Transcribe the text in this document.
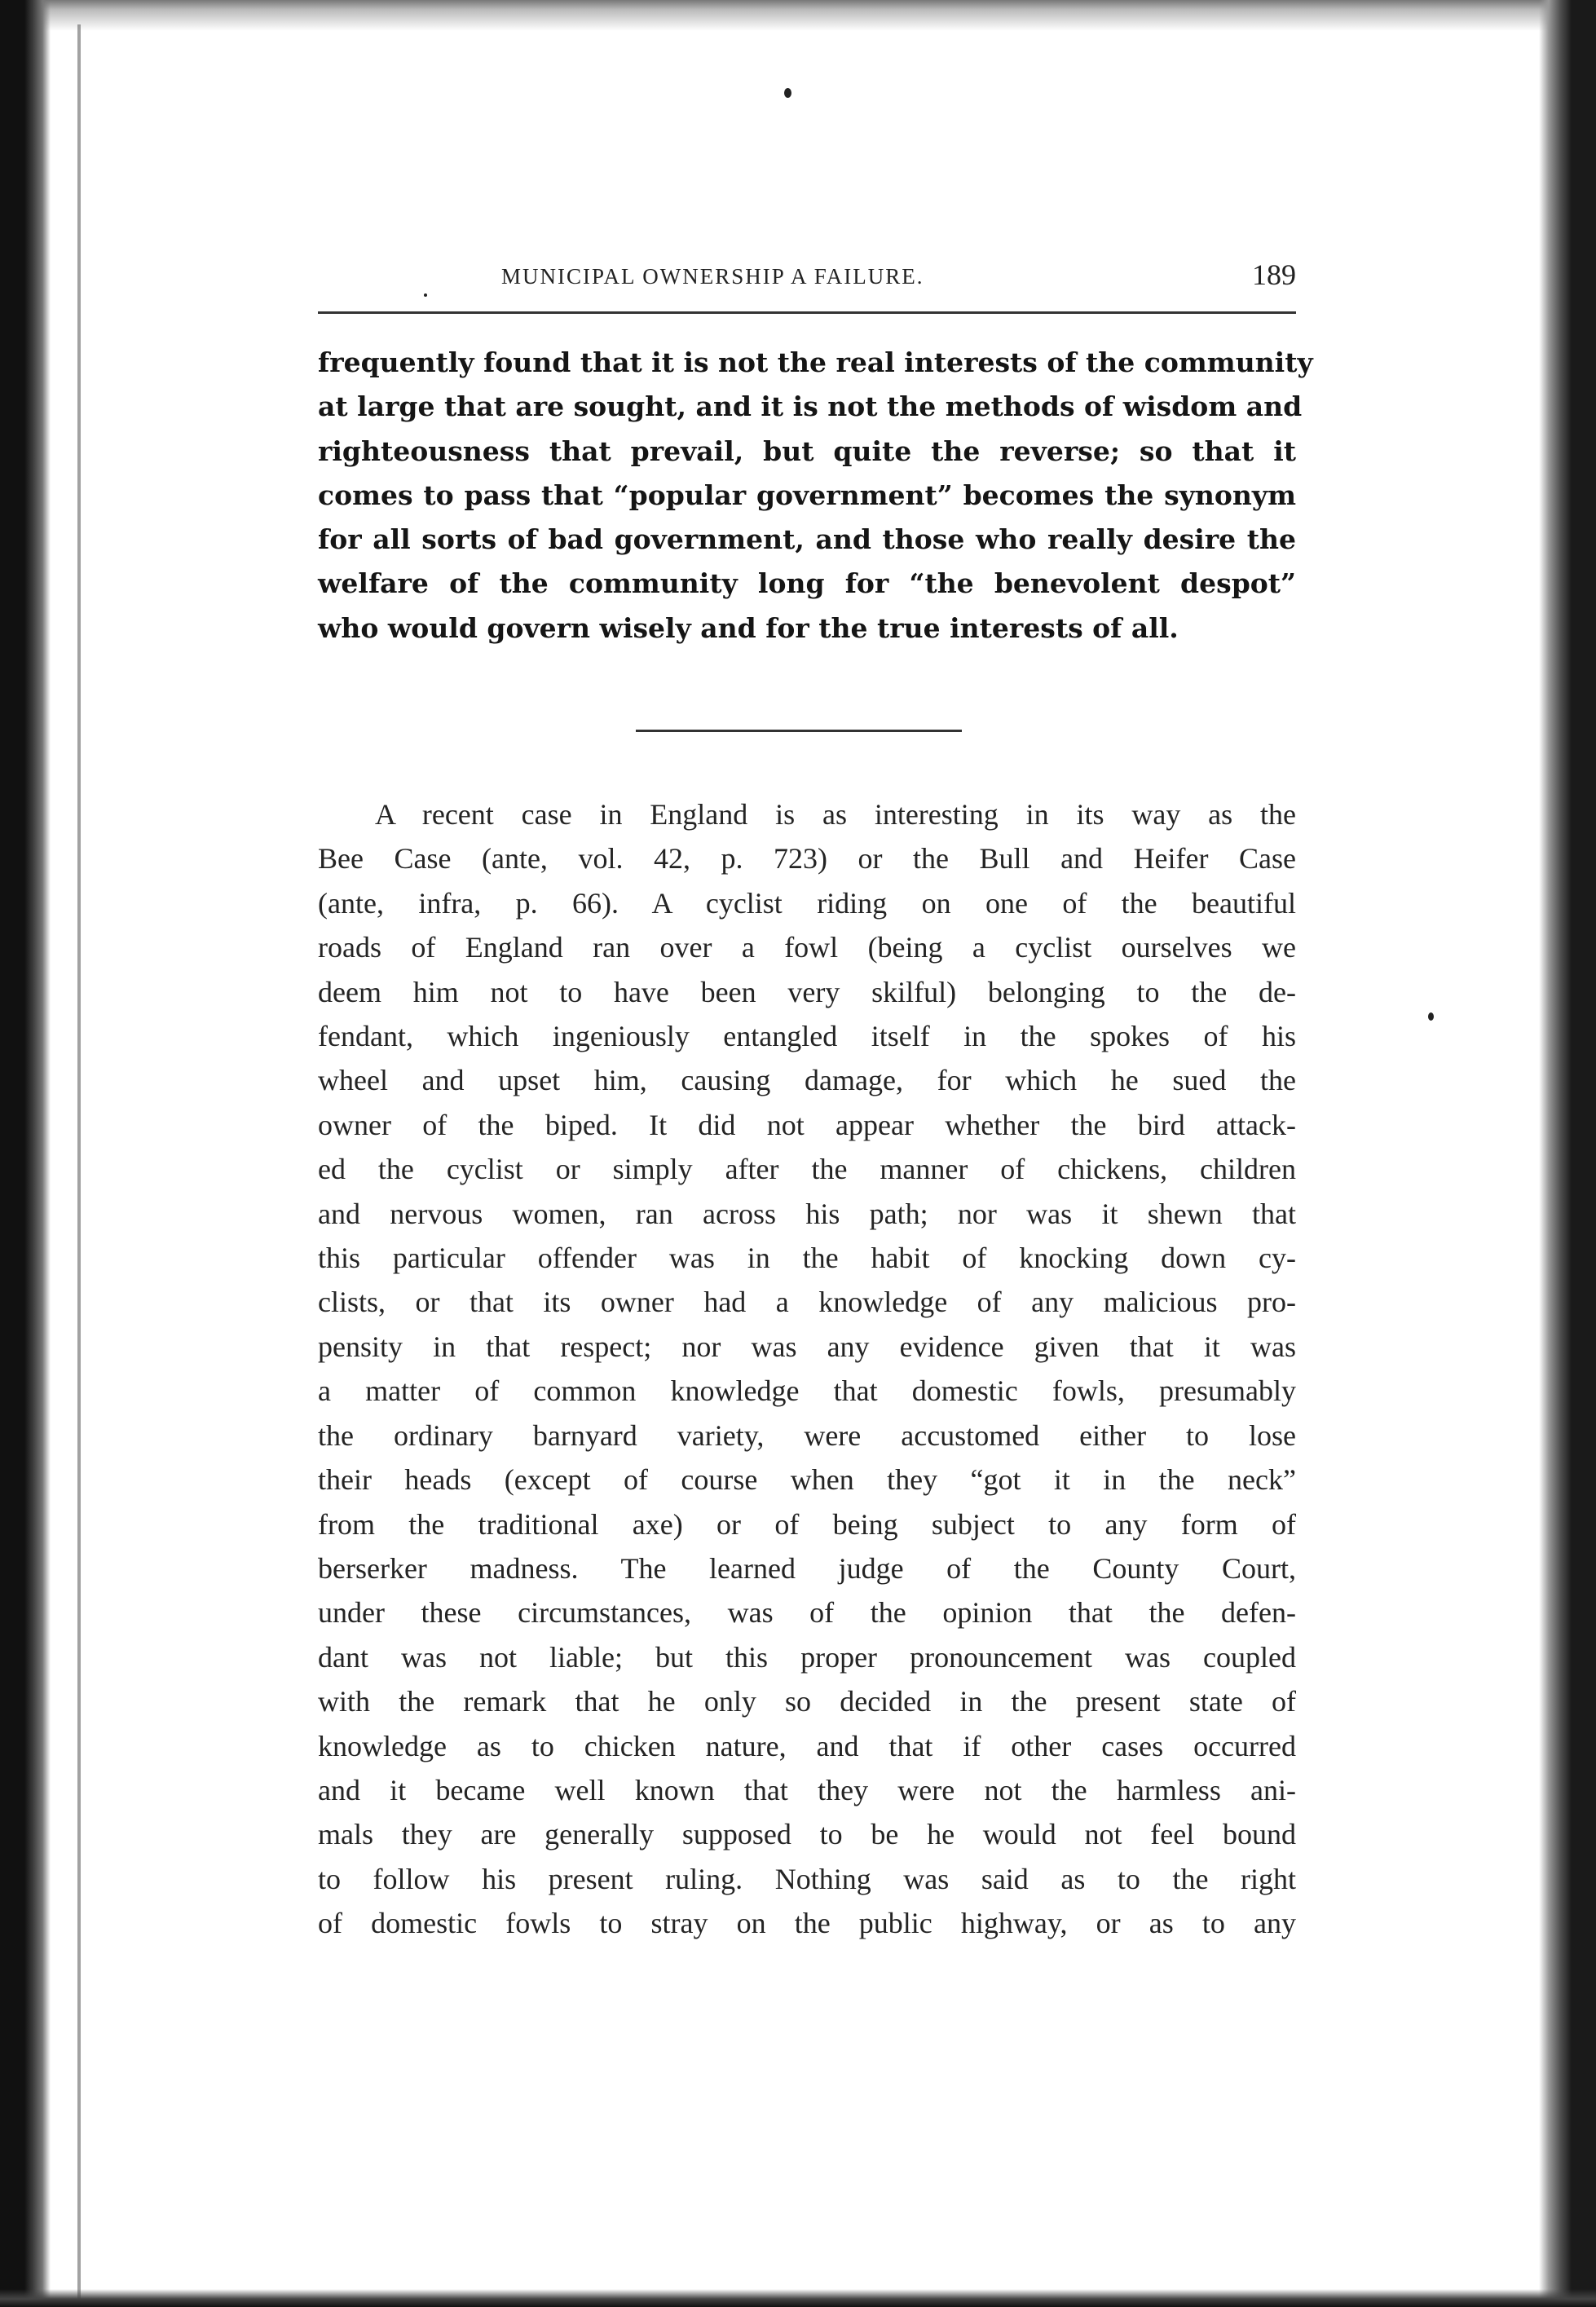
MUNICIPAL OWNERSHIP A FAILURE.	189
frequently found that it is not the real interests of the community
at large that are sought, and it is not the methods of wisdom and
righteousness that prevail, but quite the reverse; so that it
comes to pass that “popular government” becomes the synonym
for all sorts of bad government, and those who really desire the
welfare of the community long for “the benevolent despot”
who would govern wisely and for the true interests of all.
A recent case in England is as interesting in its way as the
Bee Case (ante, vol. 42, p. 723) or the Bull and Heifer Case
(ante, infra, p. 66). A cyclist riding on one of the beautiful
roads of England ran over a fowl (being a cyclist ourselves we
deem him not to have been very skilful) belonging to the de-
fendant, which ingeniously entangled itself in the spokes of his
wheel and upset him, causing damage, for which he sued the
owner of the biped. It did not appear whether the bird attack-
ed the cyclist or simply after the manner of chickens, children
and nervous women, ran across his path; nor was it shewn that
this particular offender was in the habit of knocking down cy-
clists, or that its owner had a knowledge of any malicious pro-
pensity in that respect; nor was any evidence given that it was
a matter of common knowledge that domestic fowls, presumably
the ordinary barnyard variety, were accustomed either to lose
their heads (except of course when they “got it in the neck”
from the traditional axe) or of being subject to any form of
berserker madness. The learned judge of the County Court,
under these circumstances, was of the opinion that the defen-
dant was not liable; but this proper pronouncement was coupled
with the remark that he only so decided in the present state of
knowledge as to chicken nature, and that if other cases occurred
and it became well known that they were not the harmless ani-
mals they are generally supposed to be he would not feel bound
to follow his present ruling. Nothing was said as to the right
of domestic fowls to stray on the public highway, or as to any
